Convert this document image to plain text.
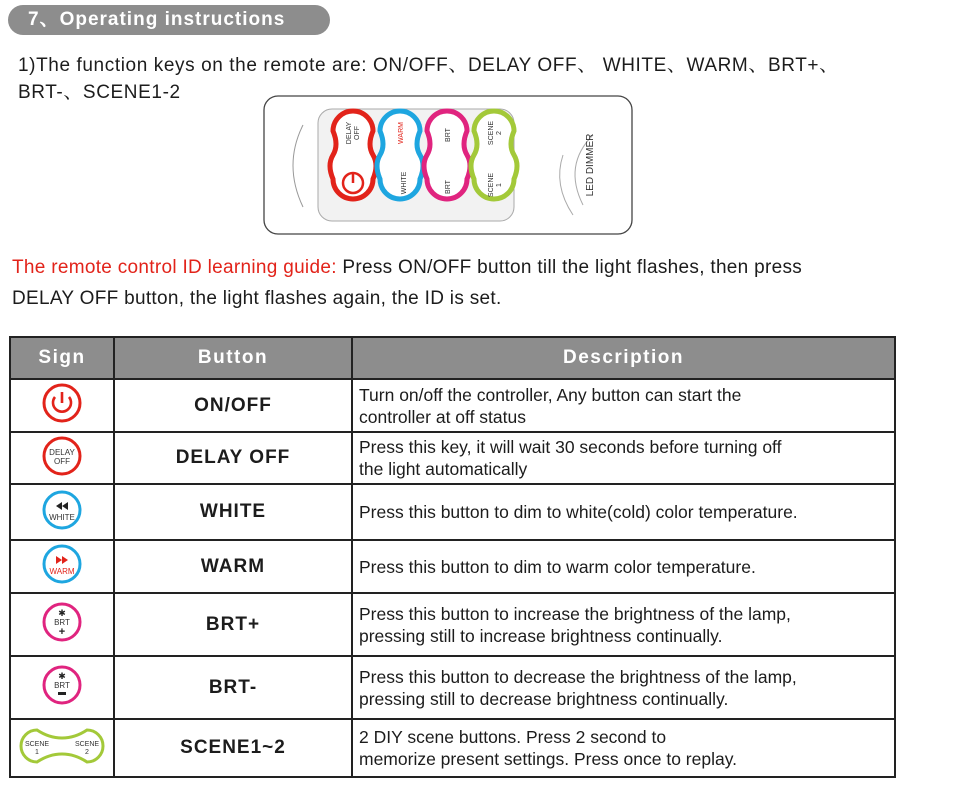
7、Operating instructions
1)The function keys on the remote are: ON/OFF、DELAY OFF、 WHITE、WARM、BRT+、
BRT-、SCENE1-2
DELAY OFF	WARM
WHITE
BRT
BRT
SCENE 2
SCENE 1	LED DIMMER
The remote control ID learning guide: Press ON/OFF button till the light flashes, then press
DELAY OFF button, the light flashes again, the ID is set.
Sign	Button	Description
	ON/OFF	Turn on/off the controller, Any button can start the
controller at off status

DELAY
OFF	DELAY OFF	Press this key, it will wait 30 seconds before turning off
the light automatically

WHITE	WHITE	Press this button to dim to white(cold) color temperature.

WARM	WARM	Press this button to dim to warm color temperature.

✱
BRT
+	BRT+	Press this button to increase the brightness of the lamp,
pressing still to increase brightness continually.

✱
BRT	BRT-	Press this button to decrease the brightness of the lamp,
pressing still to decrease brightness continually.

SCENE
1
SCENE
2	SCENE1~2	2 DIY scene buttons. Press 2 second to
memorize present settings. Press once to replay.
